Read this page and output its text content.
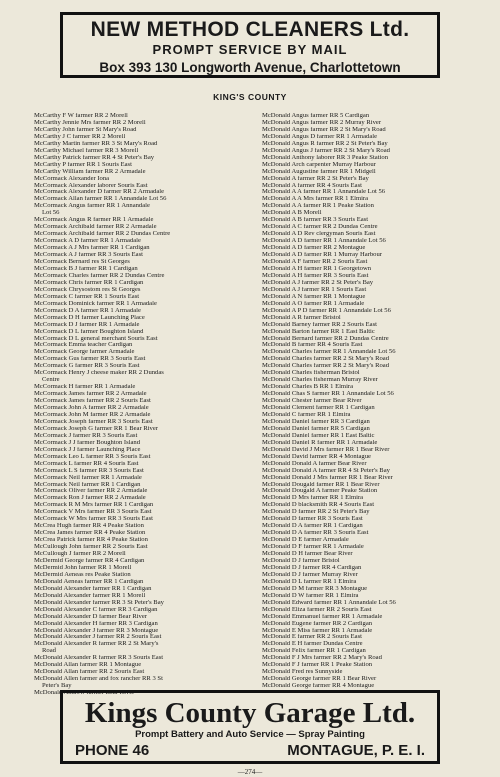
NEW METHOD CLEANERS Ltd.
PROMPT SERVICE BY MAIL
Box 393 130 Longworth Avenue, Charlottetown
KING'S COUNTY
McCarthy F W farmer RR 2 Morell
McCarthy Jennie Mrs farmer RR 2 Morell
McCarthy John farmer St Mary's Road
McCarthy J C farmer RR 2 Morell
McCarthy Martin farmer RR 3 St Mary's Road
McCarthy Michael farmer RR 3 Morell
McCarthy Patrick farmer RR 4 St Peter's Bay
McCarthy P farmer RR 1 Souris East
McCarthy William farmer RR 2 Armadale
McCormack Alexander Iona
McCormack Alexander laborer Souris East
McCormack Alexander D farmer RR 2 Armadale
McCormack Allan farmer RR 1 Annandale Lot 56
McCormack Angus farmer RR 1 Annandale
Lot 56
McCormack Angus R farmer RR 1 Armadale
McCormack Archibald farmer RR 2 Armadale
McCormack Archibald farmer RR 2 Dundas Centre
McCormack A D farmer RR 1 Armadale
McCormack A J Mrs farmer RR 1 Cardigan
McCormack A J farmer RR 3 Souris East
McCormack Bernard res St Georges
McCormack B J farmer RR 1 Cardigan
McCormack Charles farmer RR 2 Dundas Centre
McCormack Chris farmer RR 1 Cardigan
McCormack Chrysostom res St Georges
McCormack C farmer RR 1 Souris East
McCormack Dominick farmer RR 1 Armadale
McCormack D A farmer RR 1 Armadale
McCormack D H farmer Launching Place
McCormack D J farmer RR 1 Armadale
McCormack D L farmer Boughton Island
McCormack D L general merchant Souris East
McCormack Emma teacher Cardigan
McCormack George farmer Armadale
McCormack Gus farmer RR 3 Souris East
McCormack G farmer RR 3 Souris East
McCormack Henry J cheese maker RR 2 Dundas
Centre
McCormack H farmer RR 1 Armadale
McCormack James farmer RR 2 Armadale
McCormack James farmer RR 2 Souris East
McCormack John A farmer RR 2 Armadale
McCormack John M farmer RR 2 Armadale
McCormack Joseph farmer RR 3 Souris East
McCormack Joseph G farmer RR 1 Bear River
McCormack J farmer RR 3 Souris East
McCormack J J farmer Boughton Island
McCormack J J farmer Launching Place
McCormack Leo L farmer RR 3 Souris East
McCormack L farmer RR 4 Souris East
McCormack L S farmer RR 3 Souris East
McCormack Neil farmer RR 1 Armadale
McCormack Neil farmer RR 1 Cardigan
McCormack Oliver farmer RR 2 Armadale
McCormack Ron J farmer RR 2 Armadale
McCormack R M Mrs farmer RR 1 Cardigan
McCormack V Mrs farmer RR 3 Souris East
McCormack W Mrs farmer RR 3 Souris East
McCrea Hugh farmer RR 4 Peake Station
McCrea James farmer RR 4 Peake Station
McCrea Patrick farmer RR 4 Peake Station
McCullough John farmer RR 2 Souris East
McCullough J farmer RR 2 Morell
McDermid George farmer RR 4 Cardigan
McDermid John farmer RR 1 Morell
McDermid Aeneas res Peake Station
McDonald Aeneas farmer RR 1 Cardigan
McDonald Alexander farmer RR 1 Cardigan
McDonald Alexander farmer RR 1 Morell
McDonald Alexander farmer RR 3 St Peter's Bay
McDonald Alexander C farmer RR 3 Cardigan
McDonald Alexander D farmer Bear River
McDonald Alexander H farmer RR 3 Cardigan
McDonald Alexander J farmer RR 3 Montague
McDonald Alexander J farmer RR 2 Souris East
McDonald Alexander R farmer RR 2 St Mary's
Road
McDonald Alexander R farmer RR 3 Souris East
McDonald Allan farmer RR 1 Montague
McDonald Allan farmer RR 2 Souris East
McDonald Allen farmer and fox rancher RR 3 St
Peter's Bay
McDonald Andrew farmer Bear River
McDonald Angus farmer RR 5 Cardigan
McDonald Angus farmer RR 2 Murray River
McDonald Angus farmer RR 2 St Mary's Road
McDonald Angus D farmer RR 1 Armadale
McDonald Angus R farmer RR 2 St Peter's Bay
McDonald Angus J farmer RR 2 St Mary's Road
McDonald Anthony laborer RR 3 Peake Station
McDonald Arch carpenter Murray Harbour
McDonald Augustine farmer RR 1 Midgell
McDonald A farmer RR 2 St Peter's Bay
McDonald A farmer RR 4 Souris East
McDonald A A farmer RR 1 Annandale Lot 56
McDonald A A Mrs farmer RR 1 Elmira
McDonald A A farmer RR 1 Peake Station
McDonald A B Morell
McDonald A B farmer RR 3 Souris East
McDonald A C farmer RR 2 Dundas Centre
McDonald A D Rev clergyman Souris East
McDonald A D farmer RR 1 Annandale Lot 56
McDonald A D farmer RR 2 Montague
McDonald A D farmer RR 1 Murray Harbour
McDonald A F farmer RR 2 Souris East
McDonald A H farmer RR 1 Georgetown
McDonald A H farmer RR 3 Souris East
McDonald A J farmer RR 2 St Peter's Bay
McDonald A J farmer RR 1 Souris East
McDonald A N farmer RR 1 Montague
McDonald A O farmer RR 1 Armadale
McDonald A P D farmer RR 1 Annandale Lot 56
McDonald A R farmer Bristol
McDonald Barney farmer RR 2 Souris East
McDonald Barton farmer RR 1 East Baltic
McDonald Bernard farmer RR 2 Dundas Centre
McDonald B farmer RR 4 Souris East
McDonald Charles farmer RR 1 Annandale Lot 56
McDonald Charles farmer RR 2 St Mary's Road
McDonald Charles farmer RR 2 St Mary's Road
McDonald Charles fisherman Bristol
McDonald Charles fisherman Murray River
McDonald Charles B RR 1 Elmira
McDonald Chas S farmer RR 1 Annandale Lot 56
McDonald Chester farmer Bear River
McDonald Clement farmer RR 1 Cardigan
McDonald C farmer RR 1 Elmira
McDonald Daniel farmer RR 3 Cardigan
McDonald Daniel farmer RR 5 Cardigan
McDonald Daniel farmer RR 1 East Baltic
McDonald Daniel R farmer RR 1 Armadale
McDonald David J Mrs farmer RR 1 Bear River
McDonald David farmer RR 4 Montague
McDonald Donald A farmer Bear River
McDonald Donald A farmer RR 4 St Peter's Bay
McDonald Donald J Mrs farmer RR 1 Bear River
McDonald Dougald farmer RR 1 Bear River
McDonald Dougald A farmer Peake Station
McDonald D Mrs farmer RR 1 Elmira
McDonald D blacksmith RR 4 Souris East
McDonald D farmer RR 2 St Peter's Bay
McDonald D farmer RR 3 Souris East
McDonald D A farmer RR 1 Cardigan
McDonald D A farmer RR 3 Souris East
McDonald D E farmer Armadale
McDonald D F farmer RR 1 Armadale
McDonald D H farmer Bear River
McDonald D J farmer Bristol
McDonald D J farmer RR 4 Cardigan
McDonald D J farmer Murray River
McDonald D L farmer RR 1 Elmira
McDonald D M farmer RR 3 Montague
McDonald D W farmer RR 1 Elmira
McDonald Edward farmer RR 1 Annandale Lot 56
McDonald Eliza farmer RR 2 Souris East
McDonald Emmanuel farmer RR 1 Armadale
McDonald Eugene farmer RR 2 Cardigan
McDonald E Miss farmer RR 1 Armadale
McDonald E farmer RR 2 Souris East
McDonald E H farmer Dundas Centre
McDonald Felix farmer RR 1 Cardigan
McDonald F J Mrs farmer RR 2 Mary's Road
McDonald F J farmer RR 1 Peake Station
McDonald Fred res Sunnyside
McDonald George farmer RR 1 Bear River
McDonald George farmer RR 4 Montague
Kings County Garage Ltd.
Prompt Battery and Auto Service — Spray Painting
PHONE 46	MONTAGUE, P. E. I.
—274—
